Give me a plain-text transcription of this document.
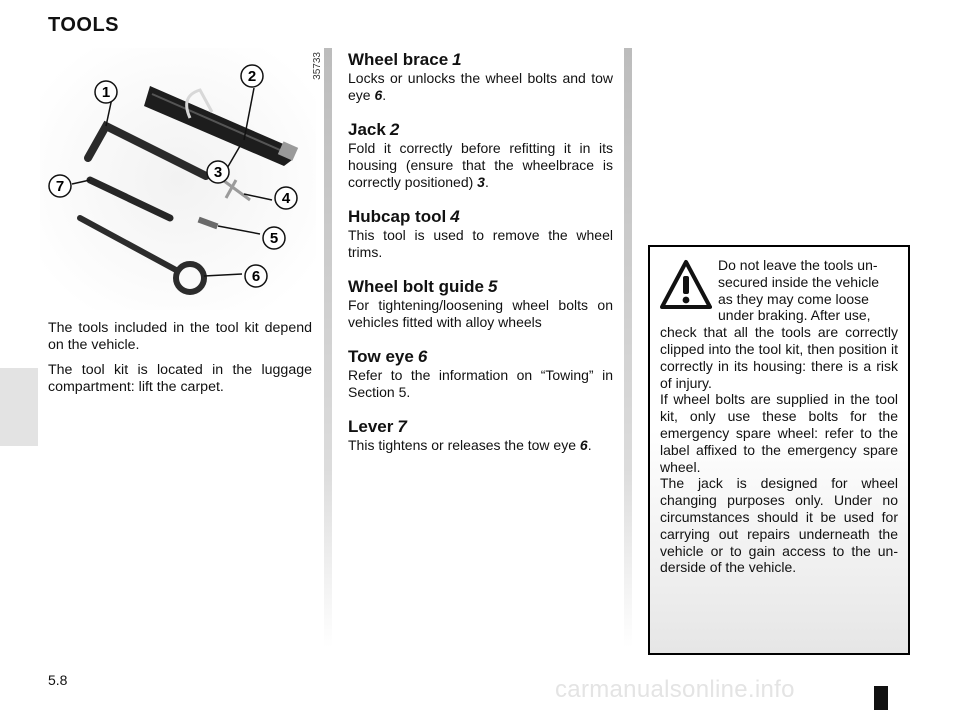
TOOLS
1
2
3
4
5
6
7
35733

The tools included in the tool kit depend on the vehicle.

The tool kit is located in the luggage compartment: lift the carpet.

Wheel brace 1
Locks or unlocks the wheel bolts and tow eye 6.
Jack 2
Fold it correctly before refitting it in its housing (ensure that the wheelbrace is correctly positioned) 3.
Hubcap tool 4
This tool is used to remove the wheel trims.
Wheel bolt guide 5
For tightening/loosening wheel bolts on vehicles fitted with alloy wheels
Tow eye 6
Refer to the information on “Towing” in Section 5.
Lever 7
This tightens or releases the tow eye 6.

Do not leave the tools un-
secured inside the vehicle
as they may come loose
under braking. After use,
check that all the tools are correctly clipped into the tool kit, then position it correctly in its housing: there is a risk of injury.
If wheel bolts are supplied in the tool kit, only use these bolts for the emergency spare wheel: refer to the label affixed to the emergency spare wheel.
The jack is designed for wheel changing purposes only. Under no circumstances should it be used for carrying out repairs underneath the vehicle or to gain access to the un-derside of the vehicle.

5.8	carmanualsonline.info
